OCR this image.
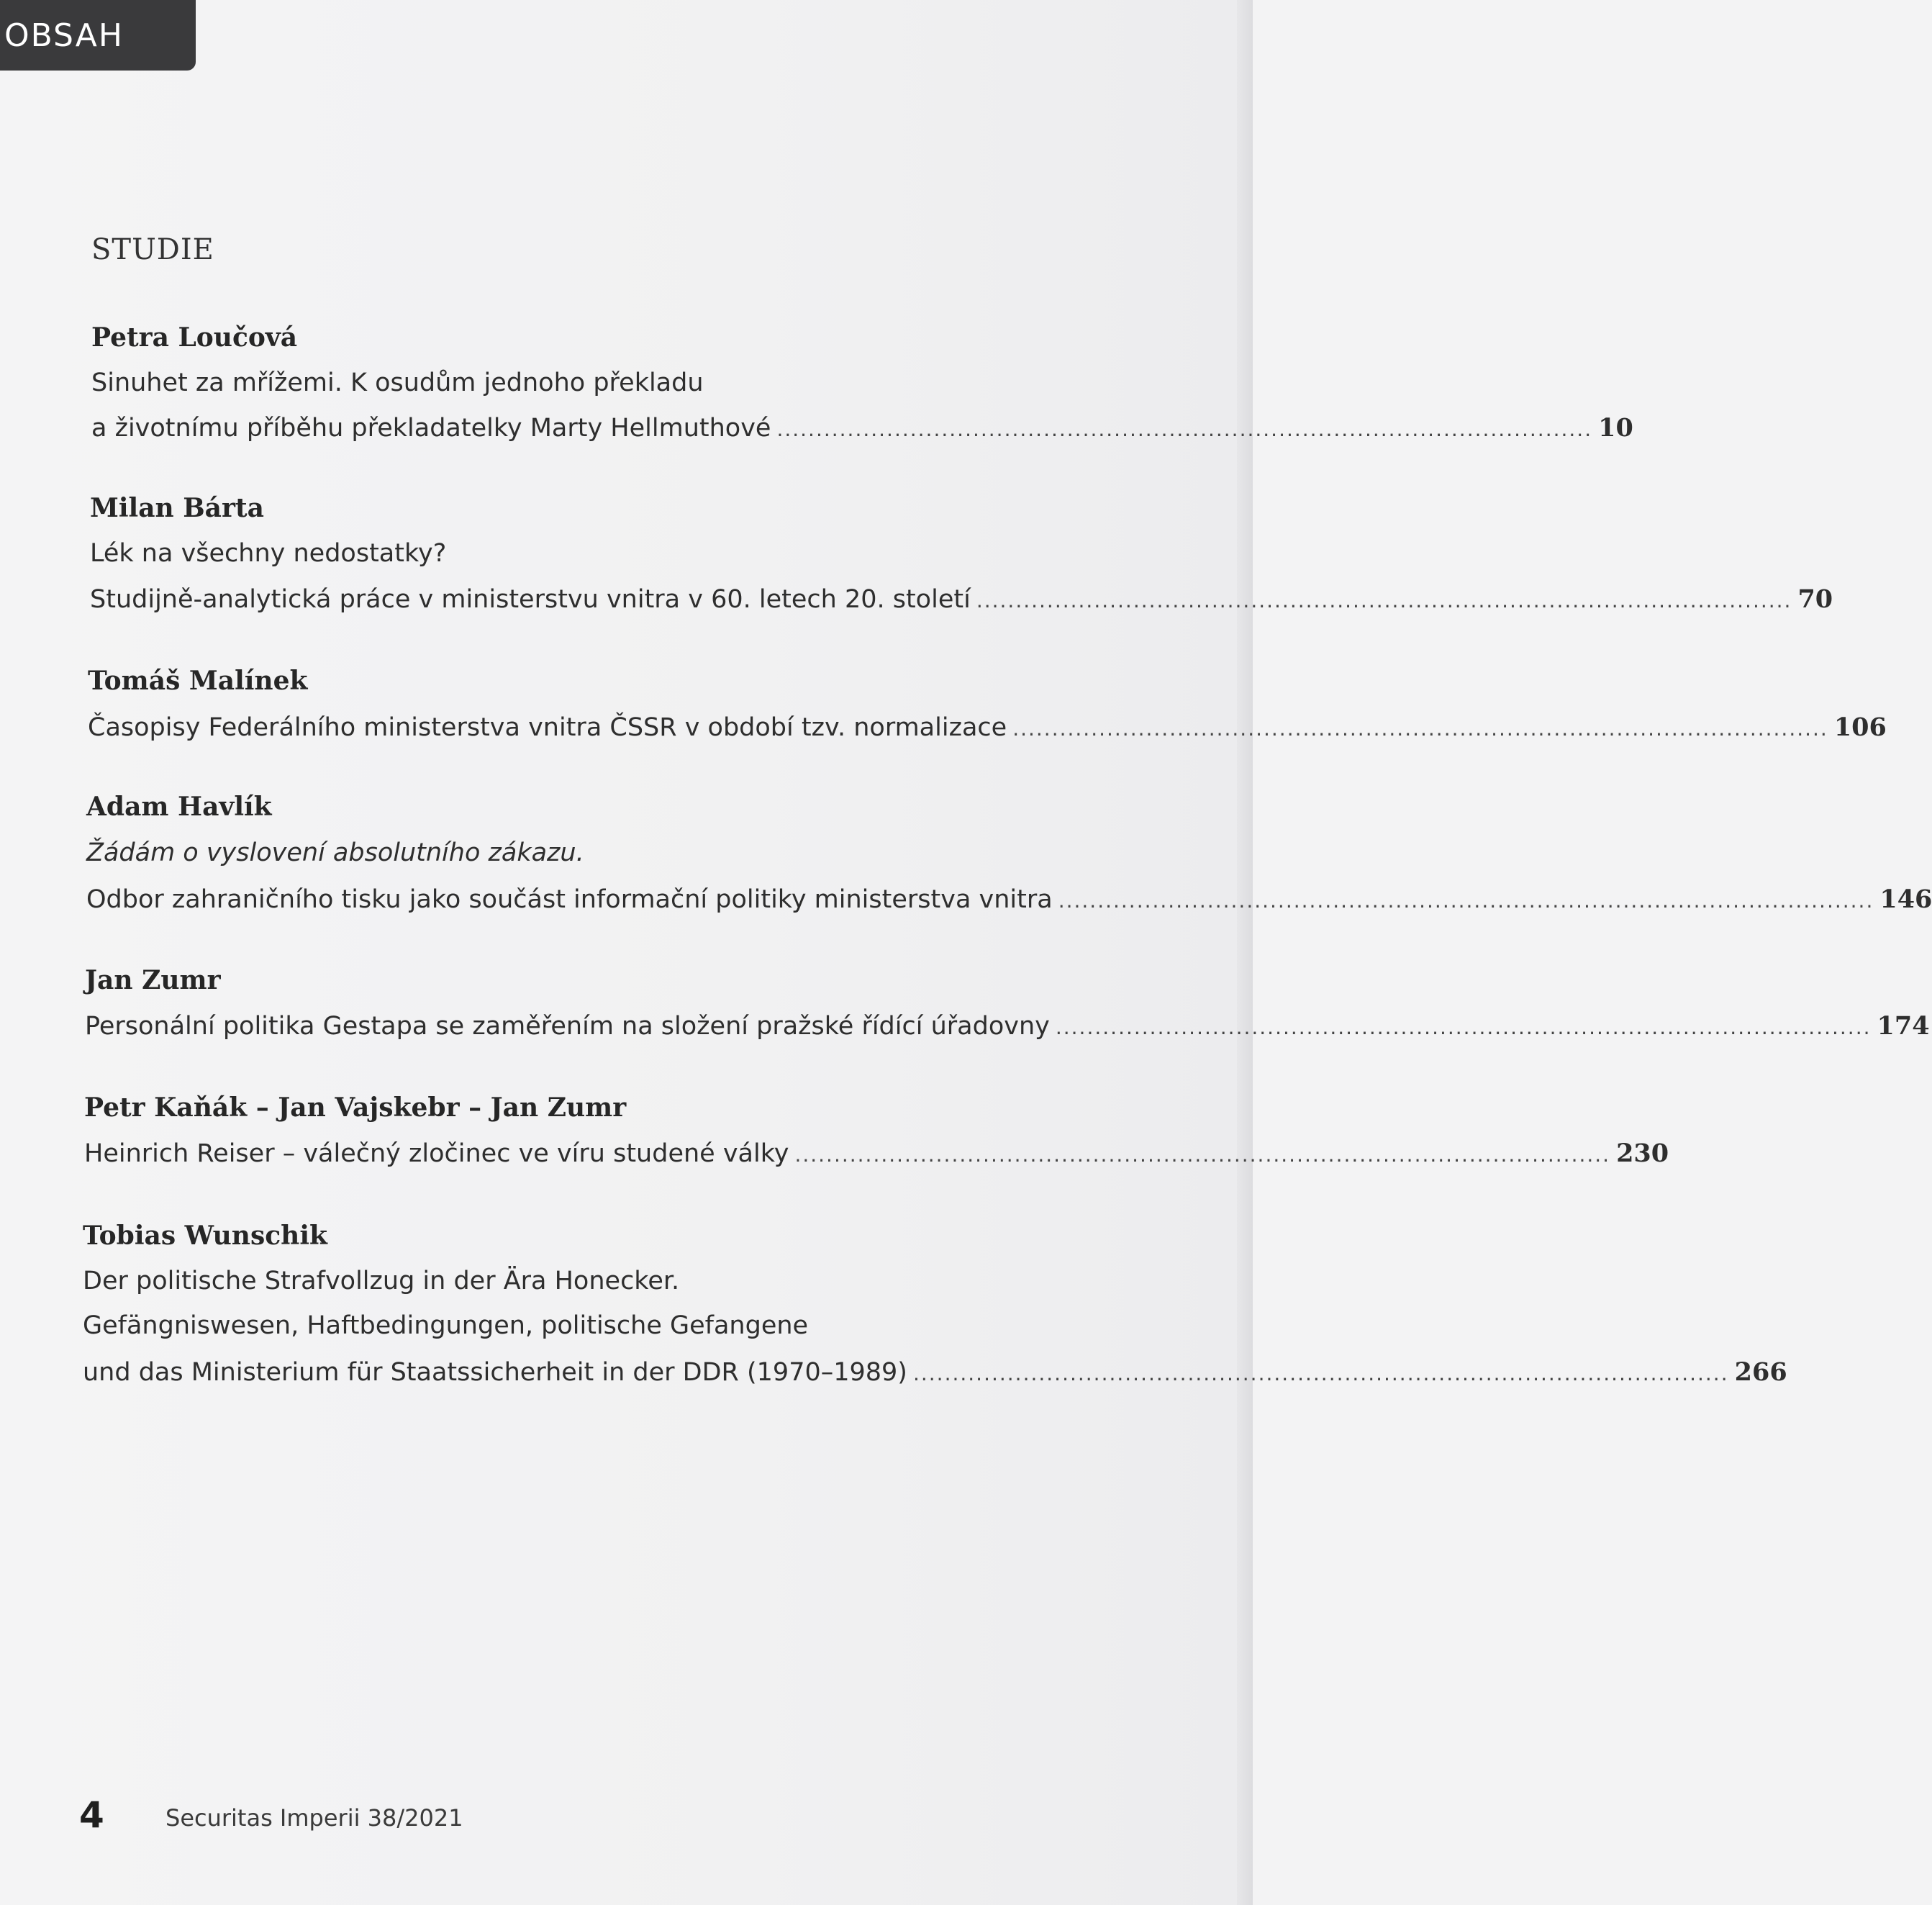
OBSAH
STUDIE
Petra Loučová
Sinuhet za mřížemi. K osudům jednoho překladu
a životnímu příběhu překladatelky Marty Hellmuthové ........................................................................................................ 10
Milan Bárta
Lék na všechny nedostatky?
Studijně-analytická práce v ministerstvu vnitra v 60. letech 20. století ........................................................................................................ 70
Tomáš Malínek
Časopisy Federálního ministerstva vnitra ČSSR v období tzv. normalizace ........................................................................................................ 106
Adam Havlík
Žádám o vyslovení absolutního zákazu.
Odbor zahraničního tisku jako součást informační politiky ministerstva vnitra ........................................................................................................ 146
Jan Zumr
Personální politika Gestapa se zaměřením na složení pražské řídící úřadovny ........................................................................................................ 174
Petr Kaňák – Jan Vajskebr – Jan Zumr
Heinrich Reiser – válečný zločinec ve víru studené války ........................................................................................................ 230
Tobias Wunschik
Der politische Strafvollzug in der Ära Honecker.
Gefängniswesen, Haftbedingungen, politische Gefangene
und das Ministerium für Staatssicherheit in der DDR (1970–1989) ........................................................................................................ 266
4	Securitas Imperii 38/2021
